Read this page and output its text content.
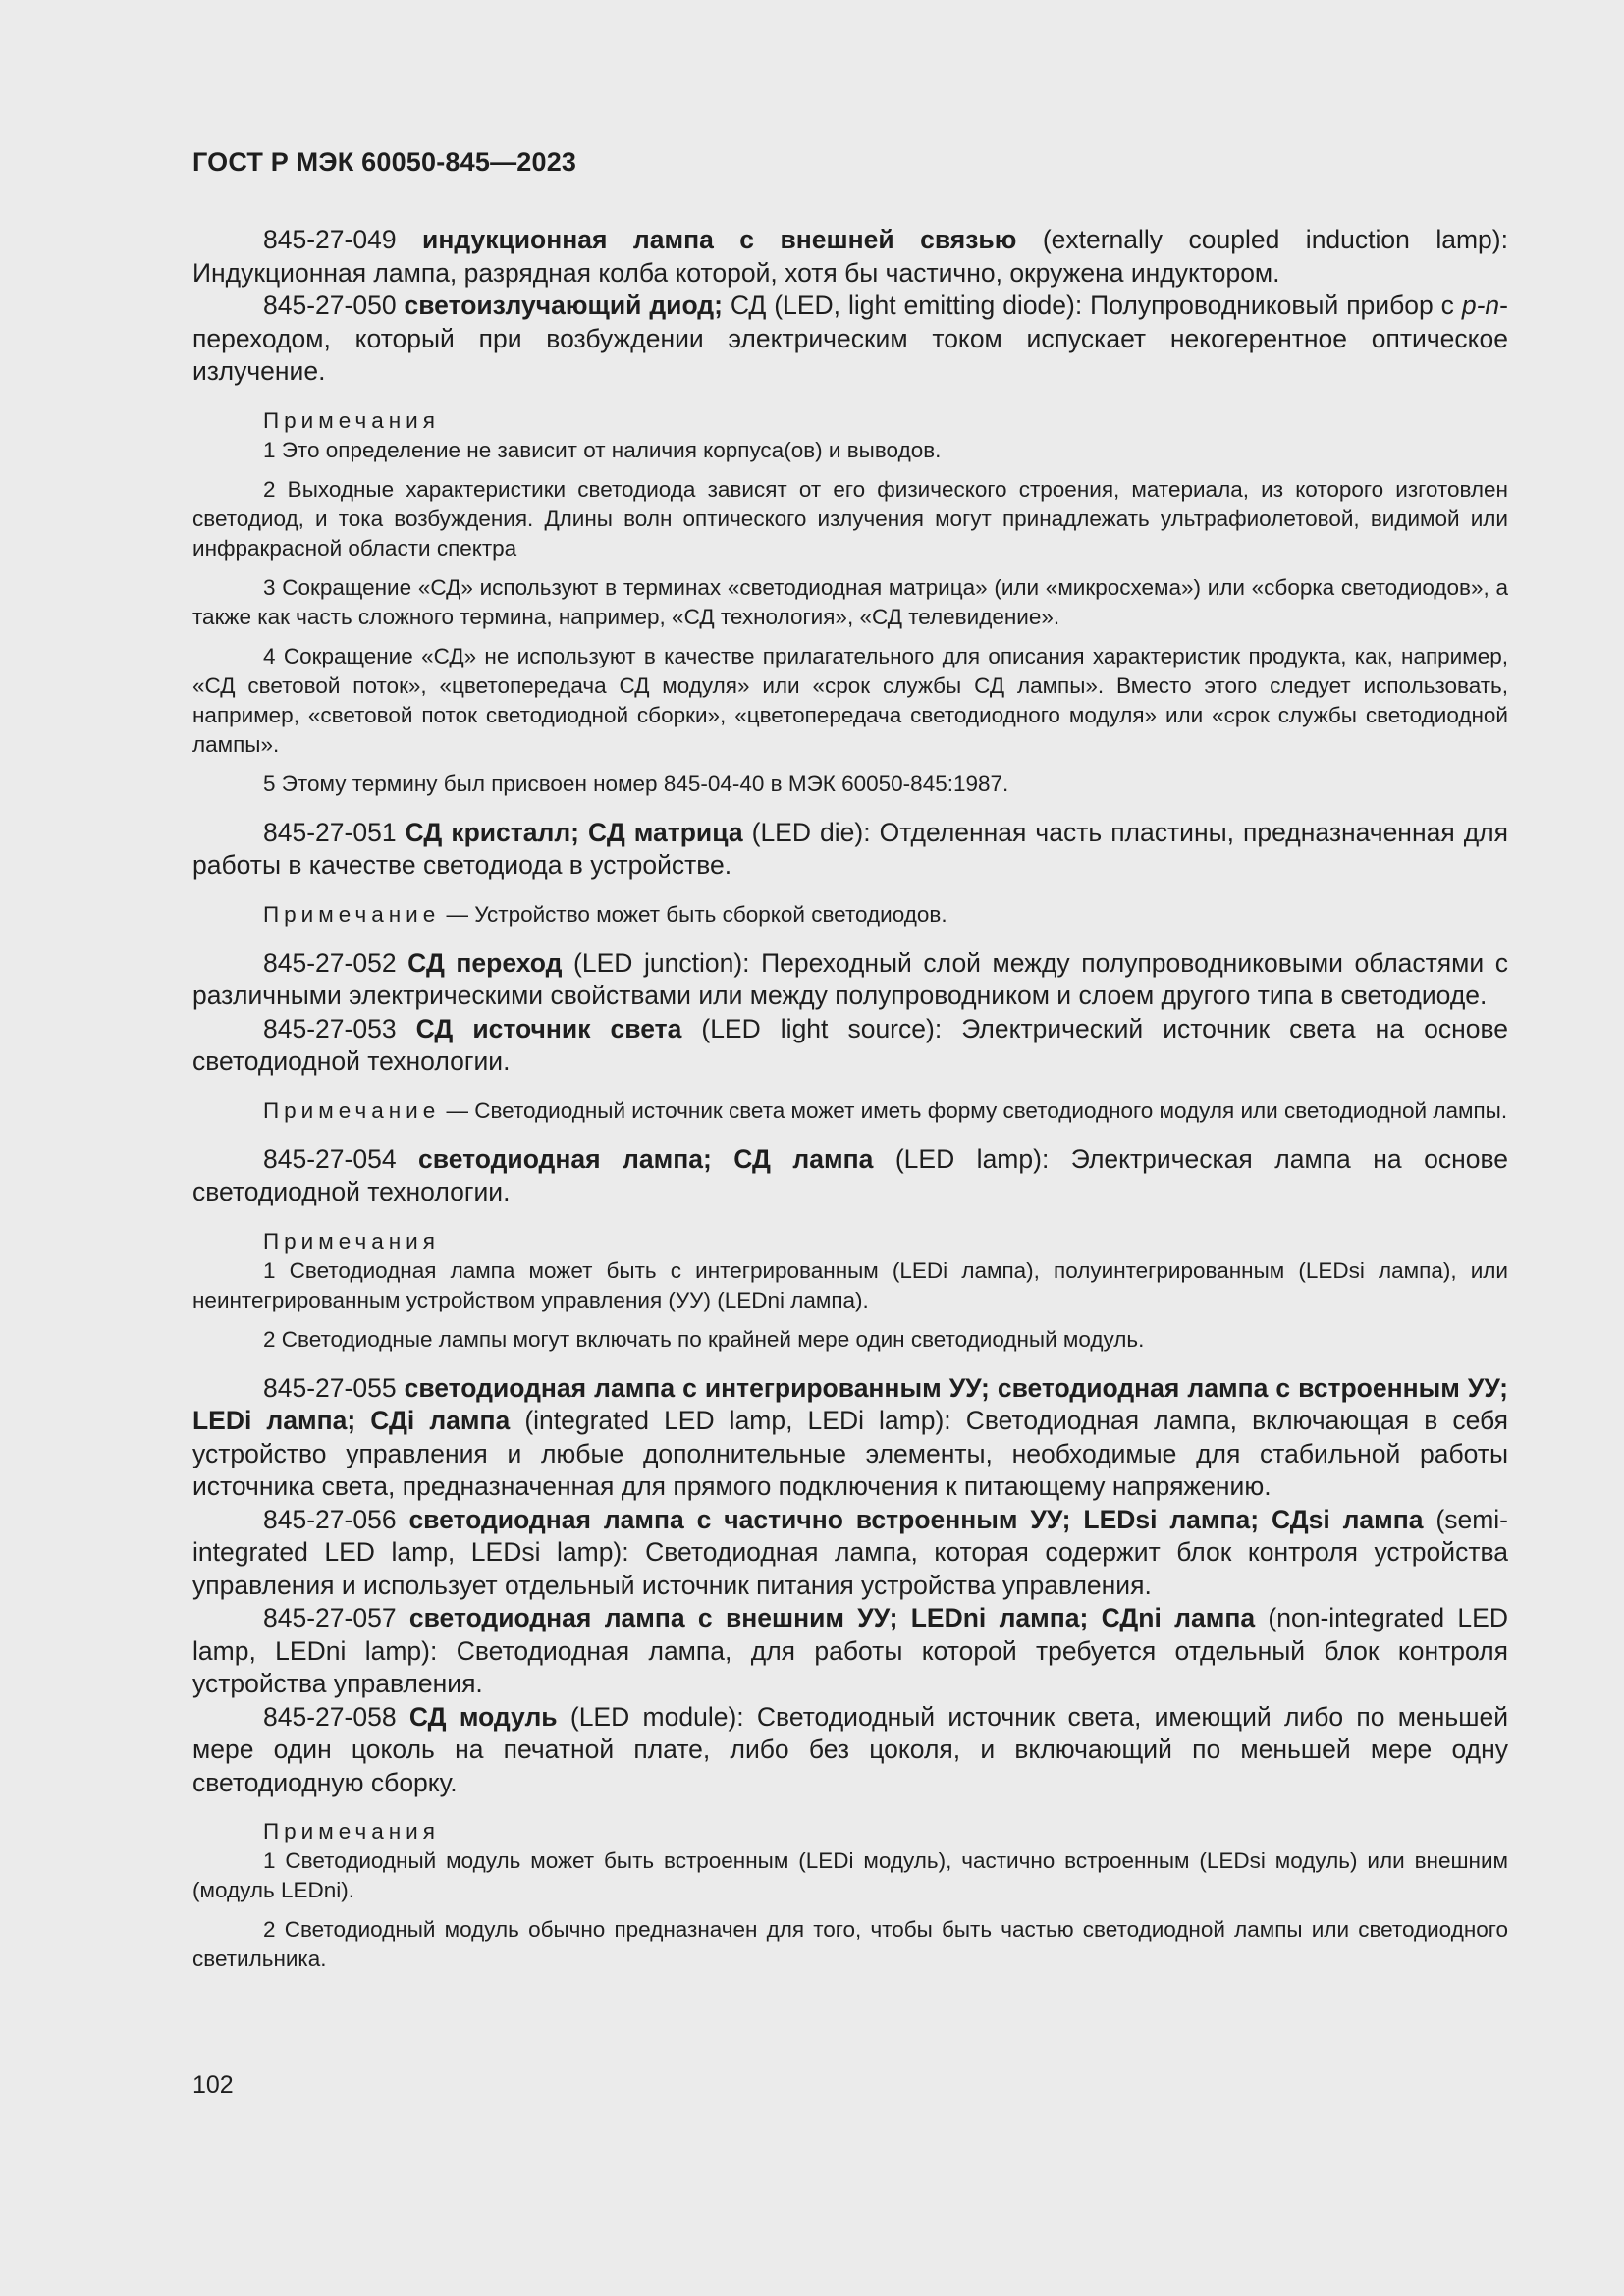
ГОСТ Р МЭК 60050-845—2023

845-27-049 индукционная лампа с внешней связью (externally coupled induction lamp): Индукционная лампа, разрядная колба которой, хотя бы частично, окружена индуктором.

845-27-050 светоизлучающий диод; СД (LED, light emitting diode): Полупроводниковый прибор с p-n-переходом, который при возбуждении электрическим током испускает некогерентное оптическое излучение.

Примечания

1 Это определение не зависит от наличия корпуса(ов) и выводов.

2 Выходные характеристики светодиода зависят от его физического строения, материала, из которого изготовлен светодиод, и тока возбуждения. Длины волн оптического излучения могут принадлежать ультрафиолетовой, видимой или инфракрасной области спектра

3 Сокращение «СД» используют в терминах «светодиодная матрица» (или «микросхема») или «сборка светодиодов», а также как часть сложного термина, например, «СД технология», «СД телевидение».

4 Сокращение «СД» не используют в качестве прилагательного для описания характеристик продукта, как, например, «СД световой поток», «цветопередача СД модуля» или «срок службы СД лампы». Вместо этого следует использовать, например, «световой поток светодиодной сборки», «цветопередача светодиодного модуля» или «срок службы светодиодной лампы».

5 Этому термину был присвоен номер 845-04-40 в МЭК 60050-845:1987.

845-27-051 СД кристалл; СД матрица (LED die): Отделенная часть пластины, предназначенная для работы в качестве светодиода в устройстве.

Примечание — Устройство может быть сборкой светодиодов.

845-27-052 СД переход (LED junction): Переходный слой между полупроводниковыми областями с различными электрическими свойствами или между полупроводником и слоем другого типа в светодиоде.

845-27-053 СД источник света (LED light source): Электрический источник света на основе светодиодной технологии.

Примечание — Светодиодный источник света может иметь форму светодиодного модуля или светодиодной лампы.

845-27-054 светодиодная лампа; СД лампа (LED lamp): Электрическая лампа на основе светодиодной технологии.

Примечания

1 Светодиодная лампа может быть с интегрированным (LEDi лампа), полуинтегрированным (LEDsi лампа), или неинтегрированным устройством управления (УУ) (LEDni лампа).

2 Светодиодные лампы могут включать по крайней мере один светодиодный модуль.

845-27-055 светодиодная лампа с интегрированным УУ; светодиодная лампа с встроенным УУ; LEDi лампа; СДi лампа (integrated LED lamp, LEDi lamp): Светодиодная лампа, включающая в себя устройство управления и любые дополнительные элементы, необходимые для стабильной работы источника света, предназначенная для прямого подключения к питающему напряжению.

845-27-056 светодиодная лампа с частично встроенным УУ; LEDsi лампа; СДsi лампа (semi-integrated LED lamp, LEDsi lamp): Светодиодная лампа, которая содержит блок контроля устройства управления и использует отдельный источник питания устройства управления.

845-27-057 светодиодная лампа с внешним УУ; LEDni лампа; СДni лампа (non-integrated LED lamp, LEDni lamp): Светодиодная лампа, для работы которой требуется отдельный блок контроля устройства управления.

845-27-058 СД модуль (LED module): Светодиодный источник света, имеющий либо по меньшей мере один цоколь на печатной плате, либо без цоколя, и включающий по меньшей мере одну светодиодную сборку.

Примечания

1 Светодиодный модуль может быть встроенным (LEDi модуль), частично встроенным (LEDsi модуль) или внешним (модуль LEDni).

2 Светодиодный модуль обычно предназначен для того, чтобы быть частью светодиодной лампы или светодиодного светильника.

102
